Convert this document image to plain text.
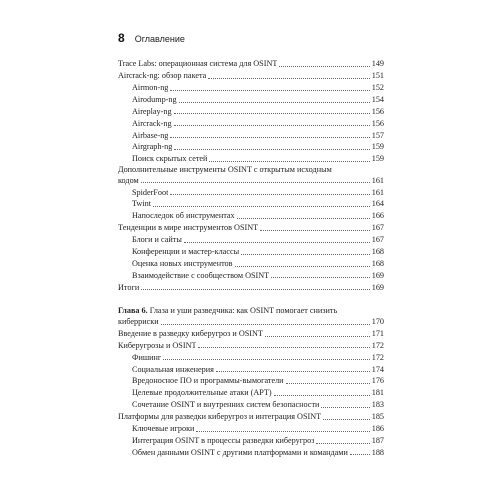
8 Оглавление
Trace Labs: операционная система для OSINT	149
Aircrack-ng: обзор пакета	151
Airmon-ng	152
Airodump-ng	154
Aireplay-ng	156
Aircrack-ng	156
Airbase-ng	157
Airgraph-ng	159
Поиск скрытых сетей	159
Дополнительные инструменты OSINT с открытым исходным
кодом	161
SpiderFoot	161
Twint	164
Напоследок об инструментах	166
Тенденции в мире инструментов OSINT	167
Блоги и сайты	167
Конференции и мастер-классы	168
Оценка новых инструментов	168
Взаимодействие с сообществом OSINT	169
Итоги	169
Глава 6. Глаза и уши разведчика: как OSINT помогает снизить
киберриски	170
Введение в разведку киберугроз и OSINT	171
Киберугрозы и OSINT	172
Фишинг	172
Социальная инженерия	174
Вредоносное ПО и программы-вымогатели	176
Целевые продолжительные атаки (APT)	181
Сочетание OSINT и внутренних систем безопасности	183
Платформы для разведки киберугроз и интеграция OSINT	185
Ключевые игроки	186
Интеграция OSINT в процессы разведки киберугроз	187
Обмен данными OSINT с другими платформами и командами	188
